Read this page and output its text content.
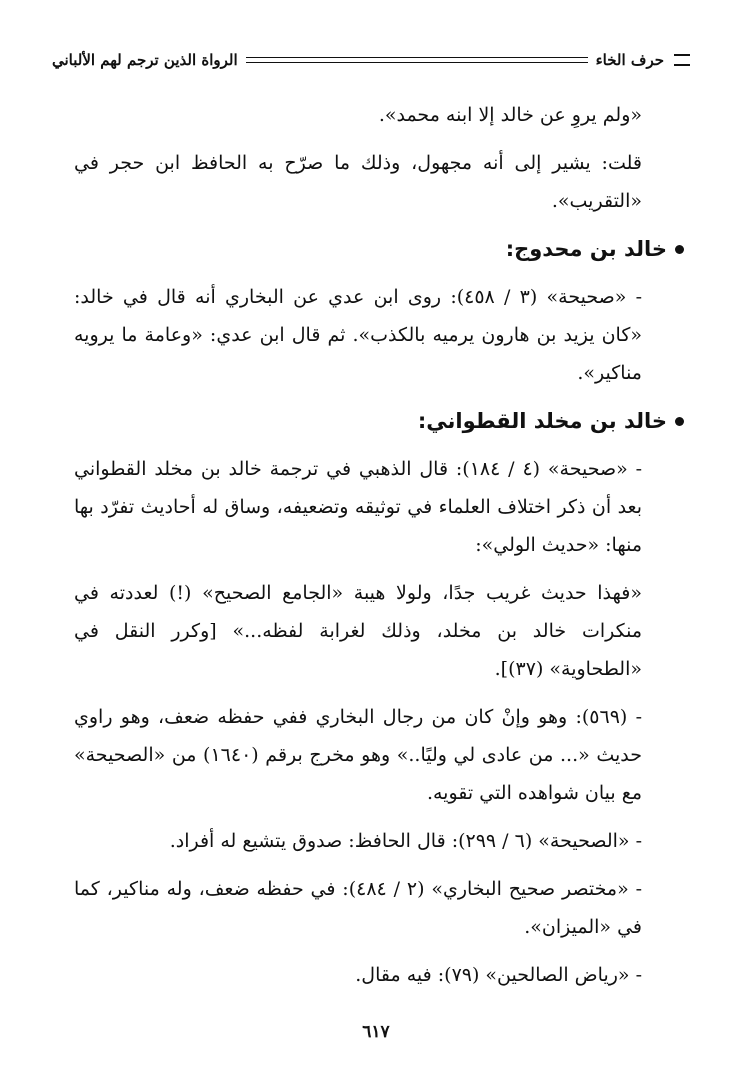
حرف الخاء
الرواة الذين ترجم لهم الألباني

«ولم يروِ عن خالد إلا ابنه محمد».

قلت: يشير إلى أنه مجهول، وذلك ما صرّح به الحافظ ابن حجر في «التقريب».

خالد بن محدوج:

- «صحيحة» (٣ / ٤٥٨): روى ابن عدي عن البخاري أنه قال في خالد: «كان يزيد بن هارون يرميه بالكذب». ثم قال ابن عدي: «وعامة ما يرويه مناكير».

خالد بن مخلد القطواني:

- «صحيحة» (٤ / ١٨٤): قال الذهبي في ترجمة خالد بن مخلد القطواني بعد أن ذكر اختلاف العلماء في توثيقه وتضعيفه، وساق له أحاديث تفرّد بها منها: «حديث الولي»:

«فهذا حديث غريب جدًا، ولولا هيبة «الجامع الصحيح» (!) لعددته في منكرات خالد بن مخلد، وذلك لغرابة لفظه...» [وكرر النقل في «الطحاوية» (٣٧)].

- (٥٦٩): وهو وإنْ كان من رجال البخاري ففي حفظه ضعف، وهو راوي حديث «... من عادى لي وليًا..» وهو مخرج برقم (١٦٤٠) من «الصحيحة» مع بيان شواهده التي تقويه.

- «الصحيحة» (٦ / ٢٩٩): قال الحافظ: صدوق يتشيع له أفراد.

- «مختصر صحيح البخاري» (٢ / ٤٨٤): في حفظه ضعف، وله مناكير، كما في «الميزان».

- «رياض الصالحين» (٧٩): فيه مقال.

٦١٧
